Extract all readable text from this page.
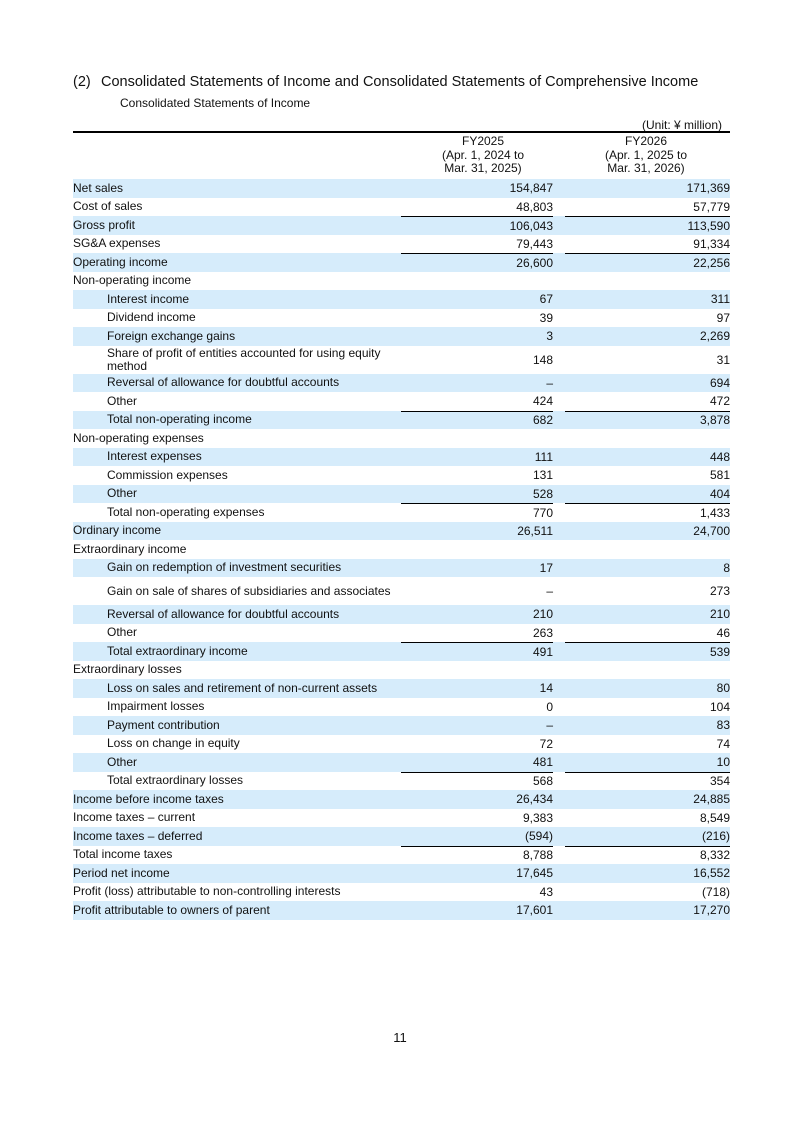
(2) Consolidated Statements of Income and Consolidated Statements of Comprehensive Income
Consolidated Statements of Income
(Unit: ¥ million)
FY2025
(Apr. 1, 2024 to
Mar. 31, 2025)
FY2026
(Apr. 1, 2025 to
Mar. 31, 2026)
Net sales	154,847	171,369
Cost of sales	48,803	57,779
Gross profit	106,043	113,590
SG&A expenses	79,443	91,334
Operating income	26,600	22,256
Non-operating income
Interest income	67	311
Dividend income	39	97
Foreign exchange gains	3	2,269
Share of profit of entities accounted for using equity method	148	31
Reversal of allowance for doubtful accounts	–	694
Other	424	472
Total non-operating income	682	3,878
Non-operating expenses
Interest expenses	111	448
Commission expenses	131	581
Other	528	404
Total non-operating expenses	770	1,433
Ordinary income	26,511	24,700
Extraordinary income
Gain on redemption of investment securities	17	8
Gain on sale of shares of subsidiaries and associates	–	273
Reversal of allowance for doubtful accounts	210	210
Other	263	46
Total extraordinary income	491	539
Extraordinary losses
Loss on sales and retirement of non-current assets	14	80
Impairment losses	0	104
Payment contribution	–	83
Loss on change in equity	72	74
Other	481	10
Total extraordinary losses	568	354
Income before income taxes	26,434	24,885
Income taxes – current	9,383	8,549
Income taxes – deferred	(594)	(216)
Total income taxes	8,788	8,332
Period net income	17,645	16,552
Profit (loss) attributable to non-controlling interests	43	(718)
Profit attributable to owners of parent	17,601	17,270
11
